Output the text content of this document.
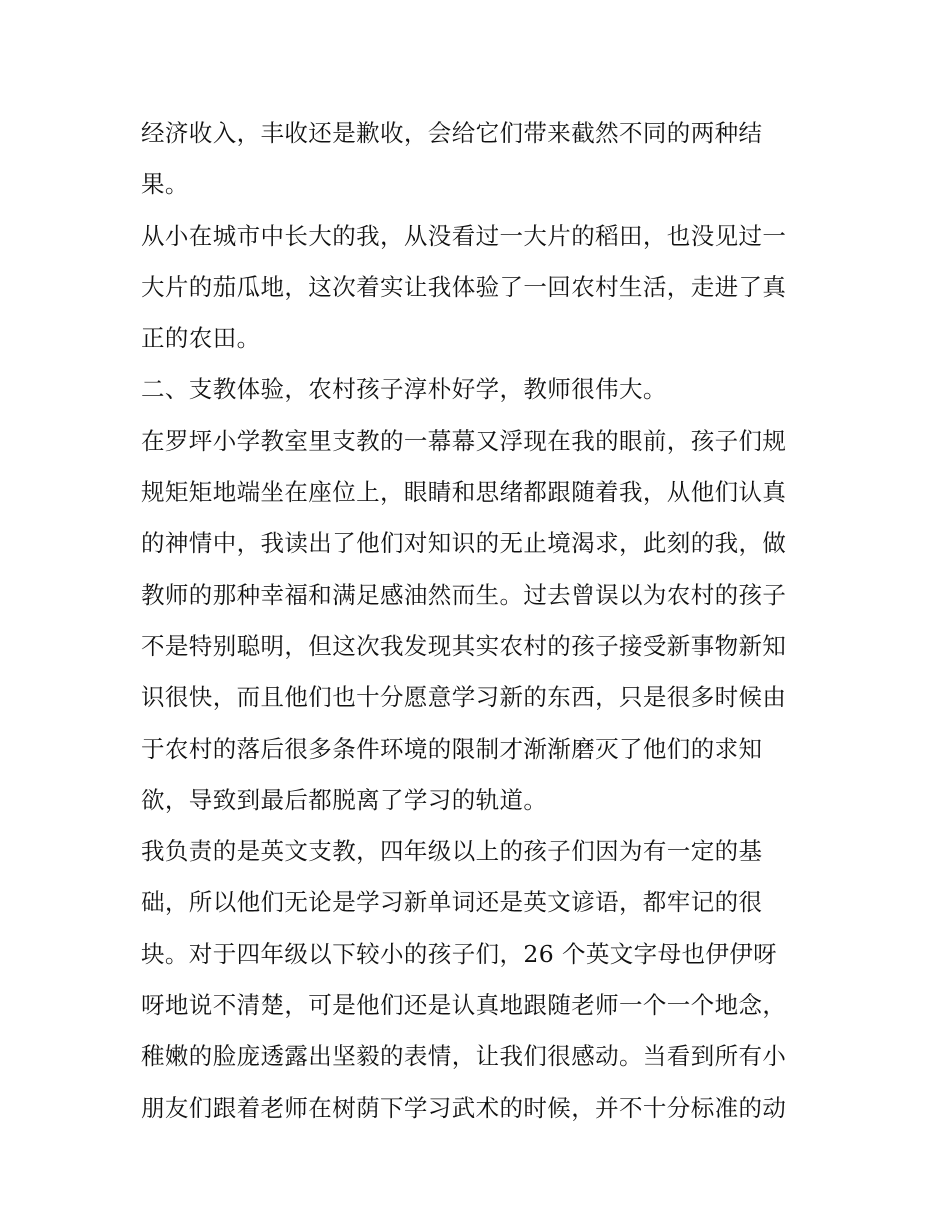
经济收入，丰收还是歉收，会给它们带来截然不同的两种结
果。
从小在城市中长大的我，从没看过一大片的稻田，也没见过一
大片的茄瓜地，这次着实让我体验了一回农村生活，走进了真
正的农田。
二、支教体验，农村孩子淳朴好学，教师很伟大。
在罗坪小学教室里支教的一幕幕又浮现在我的眼前，孩子们规
规矩矩地端坐在座位上，眼睛和思绪都跟随着我，从他们认真
的神情中，我读出了他们对知识的无止境渴求，此刻的我，做
教师的那种幸福和满足感油然而生。过去曾误以为农村的孩子
不是特别聪明，但这次我发现其实农村的孩子接受新事物新知
识很快，而且他们也十分愿意学习新的东西，只是很多时候由
于农村的落后很多条件环境的限制才渐渐磨灭了他们的求知
欲，导致到最后都脱离了学习的轨道。
我负责的是英文支教，四年级以上的孩子们因为有一定的基
础，所以他们无论是学习新单词还是英文谚语，都牢记的很
块。对于四年级以下较小的孩子们，26 个英文字母也伊伊呀
呀地说不清楚，可是他们还是认真地跟随老师一个一个地念，
稚嫩的脸庞透露出坚毅的表情，让我们很感动。当看到所有小
朋友们跟着老师在树荫下学习武术的时候，并不十分标准的动
